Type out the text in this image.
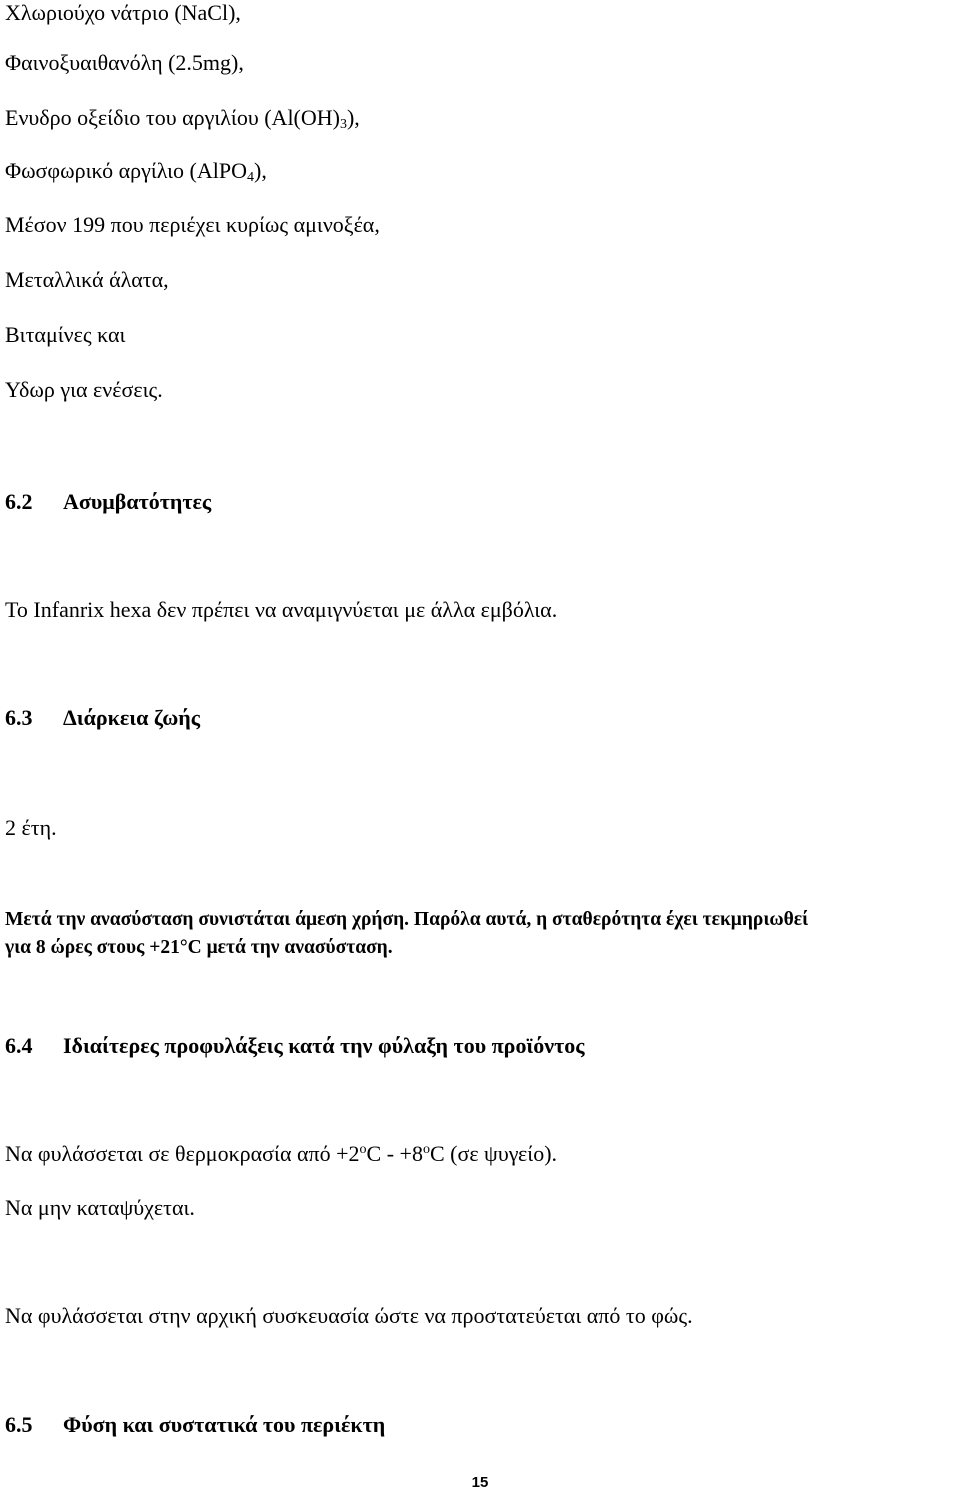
Χλωριούχο νάτριο (NaCl),
Φαινοξυαιθανόλη (2.5mg),
Ενυδρο οξείδιο του αργιλίου $(Al(OH)_3)$,
Φωσφωρικό αργίλιο (AlPO$_4$),
Μέσον 199 που περιέχει κυρίως αμινοξέα,
Μεταλλικά άλατα,
Βιταμίνες και
Υδωρ για ενέσεις.
6.2 Ασυμβατότητες
Το Infanrix hexa δεν πρέπει να αναμιγνύεται με άλλα εμβόλια.
6.3 Διάρκεια ζωής
2 έτη.
Μετά την ανασύσταση συνιστάται άμεση χρήση. Παρόλα αυτά, η σταθερότητα έχει τεκμηριωθεί
για 8 ώρες στους +21°C μετά την ανασύσταση.
6.4 Ιδιαίτερες προφυλάξεις κατά την φύλαξη του προϊόντος
Να φυλάσσεται σε θερμοκρασία $\alpha\pi ό +2^oC - +8^oC$ (σε ψυγείο).
Να μην καταψύχεται.
Να φυλάσσεται στην αρχική συσκευασία ώστε να προστατεύεται από το φώς.
6.5 Φύση και συστατικά του περιέκτη
15
